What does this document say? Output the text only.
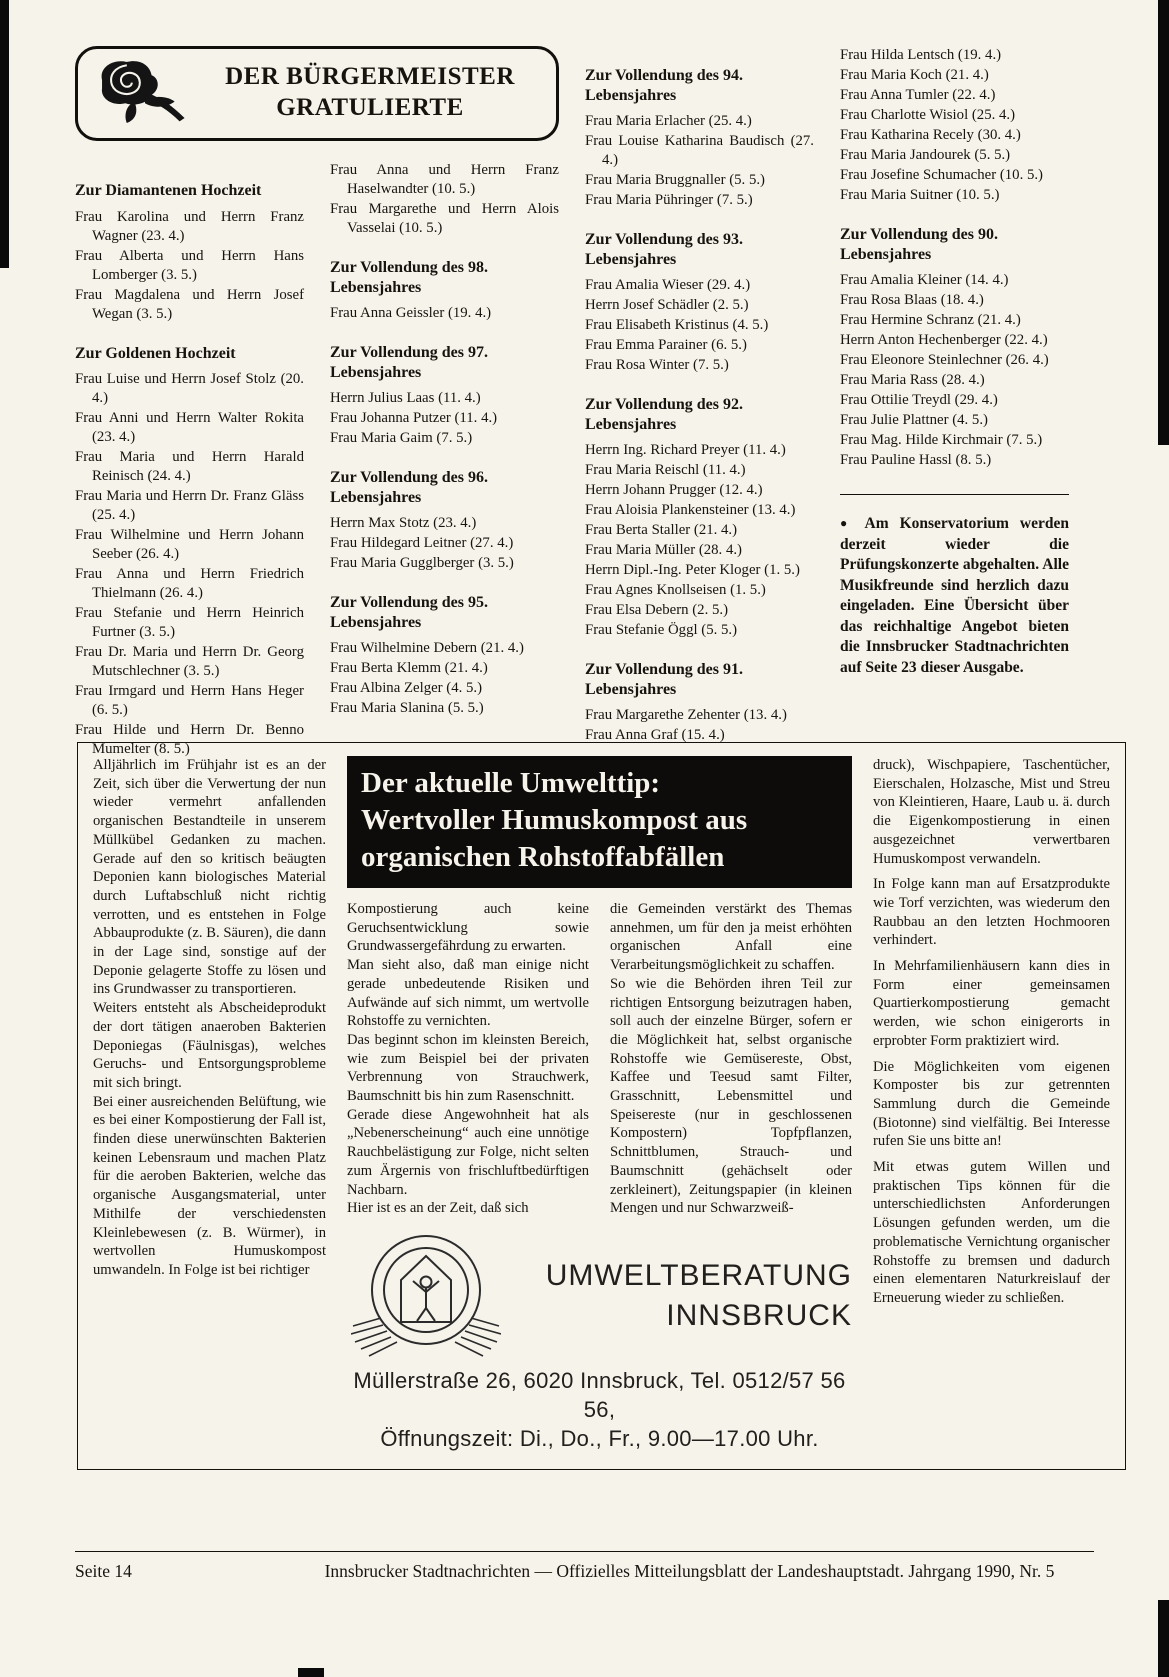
DER BÜRGERMEISTER
GRATULIERTE
Zur Diamantenen Hochzeit

Frau Karolina und Herrn Franz Wagner (23. 4.)

Frau Alberta und Herrn Hans Lomberger (3. 5.)

Frau Magdalena und Herrn Josef Wegan (3. 5.)

Zur Goldenen Hochzeit

Frau Luise und Herrn Josef Stolz (20. 4.)

Frau Anni und Herrn Walter Rokita (23. 4.)

Frau Maria und Herrn Harald Reinisch (24. 4.)

Frau Maria und Herrn Dr. Franz Gläss (25. 4.)

Frau Wilhelmine und Herrn Johann Seeber (26. 4.)

Frau Anna und Herrn Friedrich Thielmann (26. 4.)

Frau Stefanie und Herrn Heinrich Furtner (3. 5.)

Frau Dr. Maria und Herrn Dr. Georg Mutschlechner (3. 5.)

Frau Irmgard und Herrn Hans Heger (6. 5.)

Frau Hilde und Herrn Dr. Benno Mumelter (8. 5.)

Frau Anna und Herrn Franz Haselwandter (10. 5.)

Frau Margarethe und Herrn Alois Vasselai (10. 5.)

Zur Vollendung des 98. Lebensjahres

Frau Anna Geissler (19. 4.)

Zur Vollendung des 97. Lebensjahres

Herrn Julius Laas (11. 4.)

Frau Johanna Putzer (11. 4.)

Frau Maria Gaim (7. 5.)

Zur Vollendung des 96. Lebensjahres

Herrn Max Stotz (23. 4.)

Frau Hildegard Leitner (27. 4.)

Frau Maria Gugglberger (3. 5.)

Zur Vollendung des 95. Lebensjahres

Frau Wilhelmine Debern (21. 4.)

Frau Berta Klemm (21. 4.)

Frau Albina Zelger (4. 5.)

Frau Maria Slanina (5. 5.)

Zur Vollendung des 94. Lebensjahres

Frau Maria Erlacher (25. 4.)

Frau Louise Katharina Baudisch (27. 4.)

Frau Maria Bruggnaller (5. 5.)

Frau Maria Pühringer (7. 5.)

Zur Vollendung des 93. Lebensjahres

Frau Amalia Wieser (29. 4.)

Herrn Josef Schädler (2. 5.)

Frau Elisabeth Kristinus (4. 5.)

Frau Emma Parainer (6. 5.)

Frau Rosa Winter (7. 5.)

Zur Vollendung des 92. Lebensjahres

Herrn Ing. Richard Preyer (11. 4.)

Frau Maria Reischl (11. 4.)

Herrn Johann Prugger (12. 4.)

Frau Aloisia Plankensteiner (13. 4.)

Frau Berta Staller (21. 4.)

Frau Maria Müller (28. 4.)

Herrn Dipl.-Ing. Peter Kloger (1. 5.)

Frau Agnes Knollseisen (1. 5.)

Frau Elsa Debern (2. 5.)

Frau Stefanie Öggl (5. 5.)

Zur Vollendung des 91. Lebensjahres

Frau Margarethe Zehenter (13. 4.)

Frau Anna Graf (15. 4.)

Frau Hilda Lentsch (19. 4.)

Frau Maria Koch (21. 4.)

Frau Anna Tumler (22. 4.)

Frau Charlotte Wisiol (25. 4.)

Frau Katharina Recely (30. 4.)

Frau Maria Jandourek (5. 5.)

Frau Josefine Schumacher (10. 5.)

Frau Maria Suitner (10. 5.)

Zur Vollendung des 90. Lebensjahres

Frau Amalia Kleiner (14. 4.)

Frau Rosa Blaas (18. 4.)

Frau Hermine Schranz (21. 4.)

Herrn Anton Hechenberger (22. 4.)

Frau Eleonore Steinlechner (26. 4.)

Frau Maria Rass (28. 4.)

Frau Ottilie Treydl (29. 4.)

Frau Julie Plattner (4. 5.)

Frau Mag. Hilde Kirchmair (7. 5.)

Frau Pauline Hassl (8. 5.)

● Am Konservatorium werden derzeit wieder die Prüfungskonzerte abgehalten. Alle Musikfreunde sind herzlich dazu eingeladen. Eine Übersicht über das reichhaltige Angebot bieten die Innsbrucker Stadtnachrichten auf Seite 23 dieser Ausgabe.

Alljährlich im Frühjahr ist es an der Zeit, sich über die Verwertung der nun wieder vermehrt anfallenden organischen Bestandteile in unserem Müllkübel Gedanken zu machen. Gerade auf den so kritisch beäugten Deponien kann biologisches Material durch Luftabschluß nicht richtig verrotten, und es entstehen in Folge Abbauprodukte (z. B. Säuren), die dann in der Lage sind, sonstige auf der Deponie gelagerte Stoffe zu lösen und ins Grundwasser zu transportieren.

Weiters entsteht als Abscheideprodukt der dort tätigen anaeroben Bakterien Deponiegas (Fäulnisgas), welches Geruchs- und Entsorgungsprobleme mit sich bringt.

Bei einer ausreichenden Belüftung, wie es bei einer Kompostierung der Fall ist, finden diese unerwünschten Bakterien keinen Lebensraum und machen Platz für die aeroben Bakterien, welche das organische Ausgangsmaterial, unter Mithilfe der verschiedensten Kleinlebewesen (z. B. Würmer), in wertvollen Humuskompost umwandeln. In Folge ist bei richtiger

Der aktuelle Umwelttip:
Wertvoller Humuskompost aus
organischen Rohstoffabfällen

Kompostierung auch keine Geruchsentwicklung sowie Grundwassergefährdung zu erwarten.

Man sieht also, daß man einige nicht gerade unbedeutende Risiken und Aufwände auf sich nimmt, um wertvolle Rohstoffe zu vernichten.

Das beginnt schon im kleinsten Bereich, wie zum Beispiel bei der privaten Verbrennung von Strauchwerk, Baumschnitt bis hin zum Rasenschnitt.

Gerade diese Angewohnheit hat als „Nebenerscheinung“ auch eine unnötige Rauchbelästigung zur Folge, nicht selten zum Ärgernis von frischluftbedürftigen Nachbarn.

Hier ist es an der Zeit, daß sich

die Gemeinden verstärkt des Themas annehmen, um für den ja meist erhöhten organischen Anfall eine Verarbeitungsmöglichkeit zu schaffen.

So wie die Behörden ihren Teil zur richtigen Entsorgung beizutragen haben, soll auch der einzelne Bürger, sofern er die Möglichkeit hat, selbst organische Rohstoffe wie Gemüsereste, Obst, Kaffee und Teesud samt Filter, Grasschnitt, Lebensmittel und Speisereste (nur in geschlossenen Kompostern) Topfpflanzen, Schnittblumen, Strauch- und Baumschnitt (gehächselt oder zerkleinert), Zeitungspapier (in kleinen Mengen und nur Schwarzweiß-

UMWELTBERATUNG
INNSBRUCK
Müllerstraße 26, 6020 Innsbruck, Tel. 0512/57 56 56,
Öffnungszeit: Di., Do., Fr., 9.00—17.00 Uhr.

druck), Wischpapiere, Taschentücher, Eierschalen, Holzasche, Mist und Streu von Kleintieren, Haare, Laub u. ä. durch die Eigenkompostierung in einen ausgezeichnet verwertbaren Humuskompost verwandeln.

In Folge kann man auf Ersatzprodukte wie Torf verzichten, was wiederum den Raubbau an den letzten Hochmooren verhindert.

In Mehrfamilienhäusern kann dies in Form einer gemeinsamen Quartierkompostierung gemacht werden, wie schon einigerorts in erprobter Form praktiziert wird.

Die Möglichkeiten vom eigenen Komposter bis zur getrennten Sammlung durch die Gemeinde (Biotonne) sind vielfältig. Bei Interesse rufen Sie uns bitte an!

Mit etwas gutem Willen und praktischen Tips können für die unterschiedlichsten Anforderungen Lösungen gefunden werden, um die problematische Vernichtung organischer Rohstoffe zu bremsen und dadurch einen elementaren Naturkreislauf der Erneuerung wieder zu schließen.

Seite 14	Innsbrucker Stadtnachrichten — Offizielles Mitteilungsblatt der Landeshauptstadt. Jahrgang 1990, Nr. 5
